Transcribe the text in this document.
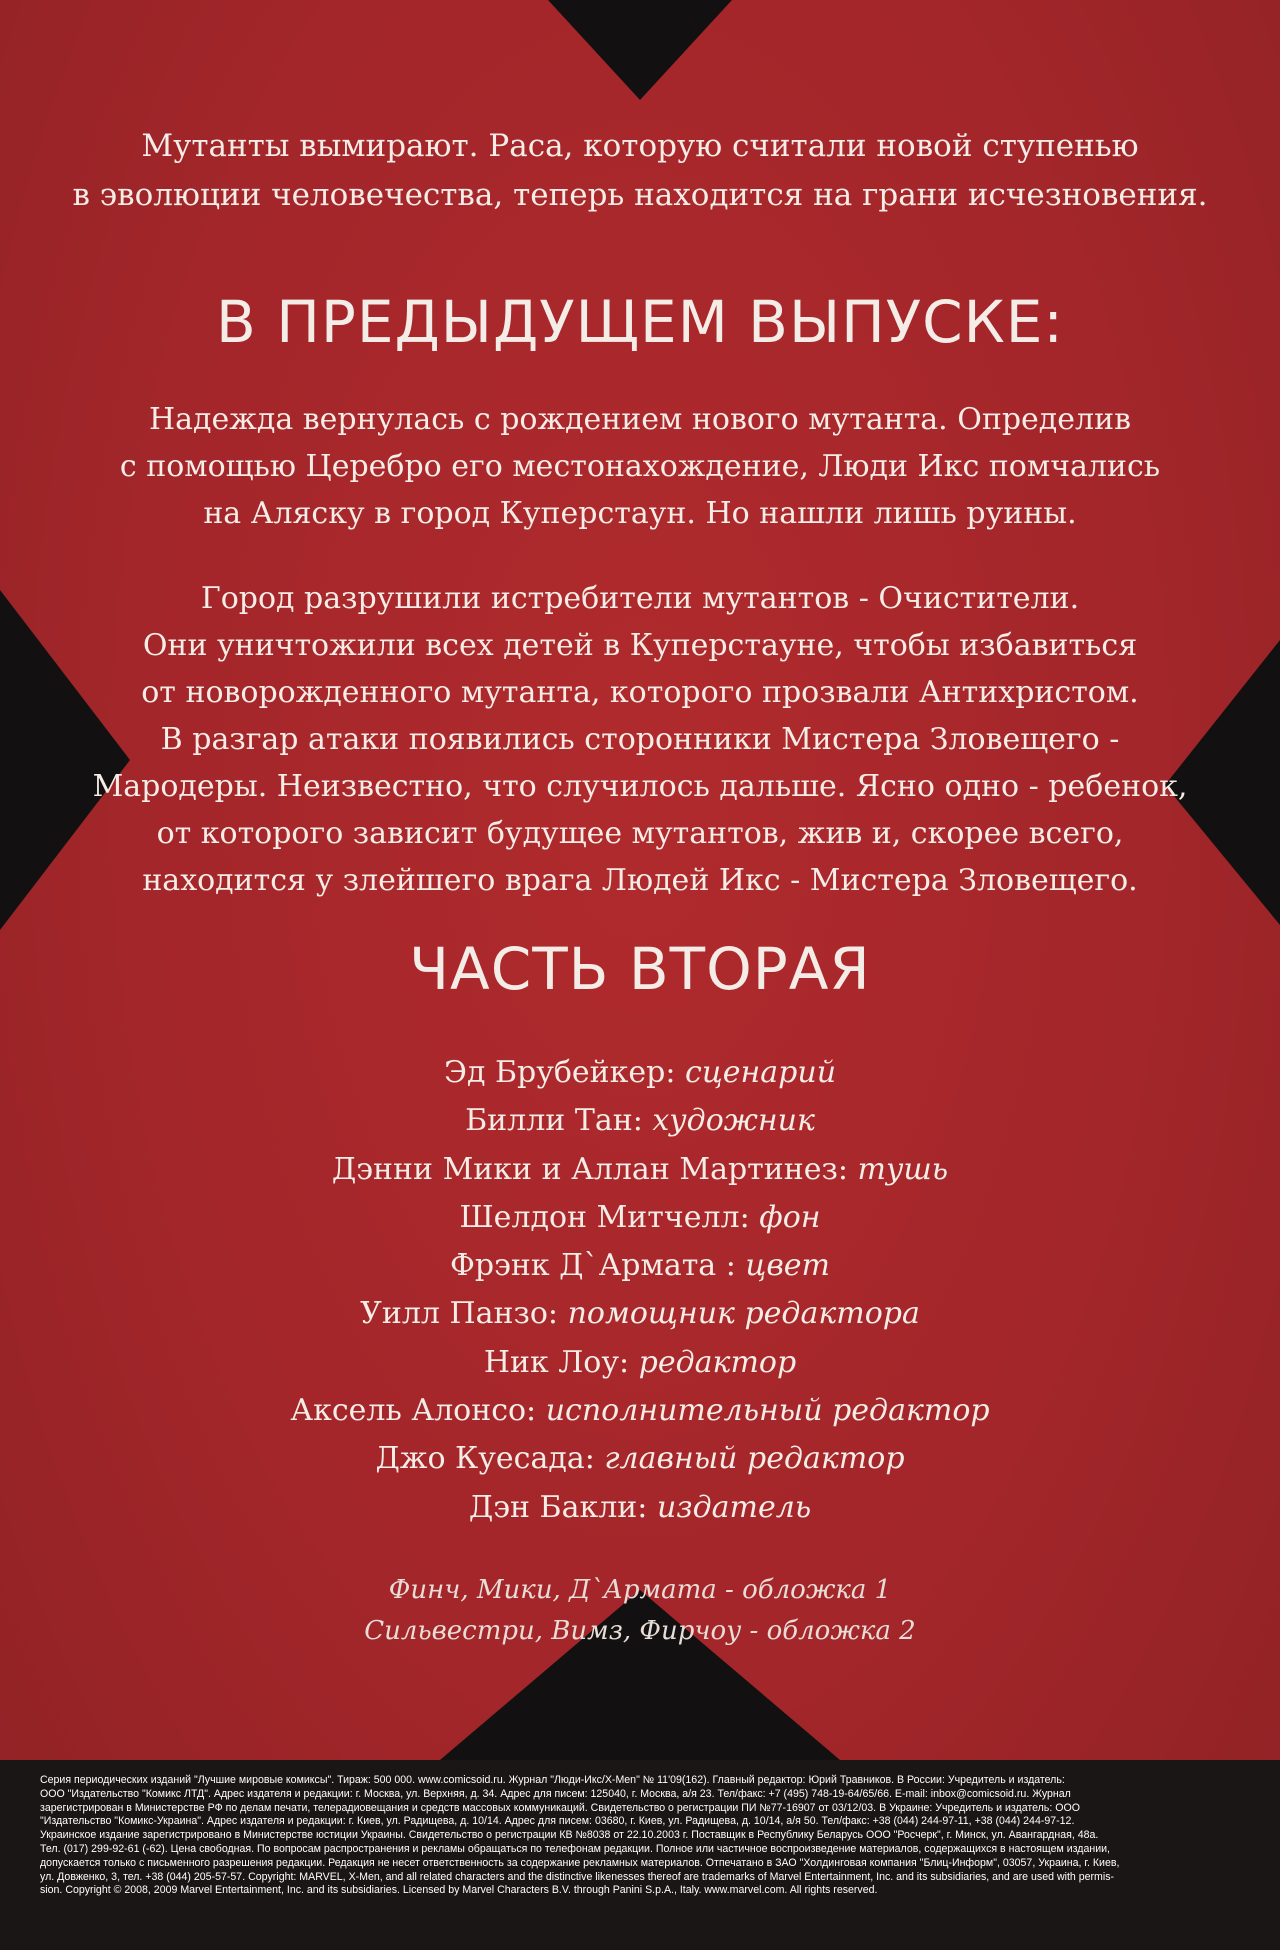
Мутанты вымирают. Раса, которую считали новой ступенью
в эволюции человечества, теперь находится на грани исчезновения.
В ПРЕДЫДУЩЕМ ВЫПУСКЕ:
Надежда вернулась с рождением нового мутанта. Определив
с помощью Церебро его местонахождение, Люди Икс помчались
на Аляску в город Куперстаун. Но нашли лишь руины.
Город разрушили истребители мутантов - Очистители.
Они уничтожили всех детей в Куперстауне, чтобы избавиться
от новорожденного мутанта, которого прозвали Антихристом.
В разгар атаки появились сторонники Мистера Зловещего -
Мародеры. Неизвестно, что случилось дальше. Ясно одно - ребенок,
от которого зависит будущее мутантов, жив и, скорее всего,
находится у злейшего врага Людей Икс - Мистера Зловещего.
ЧАСТЬ ВТОРАЯ
Эд Брубейкер: сценарий
Билли Тан: художник
Дэнни Мики и Аллан Мартинез: тушь
Шелдон Митчелл: фон
Фрэнк Д`Армата : цвет
Уилл Панзо: помощник редактора
Ник Лоу: редактор
Аксель Алонсо: исполнительный редактор
Джо Куесада: главный редактор
Дэн Бакли: издатель
Финч, Мики, Д`Армата - обложка 1
Сильвестри, Вимз, Фирчоу - обложка 2
Серия периодических изданий "Лучшие мировые комиксы". Тираж: 500 000. www.comicsoid.ru. Журнал "Люди-Икс/X-Men" № 11'09(162). Главный редактор: Юрий Травников. В России: Учредитель и издатель:
ООО "Издательство "Комикс ЛТД". Адрес издателя и редакции: г. Москва, ул. Верхняя, д. 34. Адрес для писем: 125040, г. Москва, а/я 23. Тел/факс: +7 (495) 748-19-64/65/66. E-mail: inbox@comicsoid.ru. Журнал
зарегистрирован в Министерстве РФ по делам печати, телерадиовещания и средств массовых коммуникаций. Свидетельство о регистрации ПИ №77-16907 от 03/12/03. В Украине: Учредитель и издатель: ООО
"Издательство "Комикс-Украина". Адрес издателя и редакции: г. Киев, ул. Радищева, д. 10/14. Адрес для писем: 03680, г. Киев, ул. Радищева, д. 10/14, а/я 50. Тел/факс: +38 (044) 244-97-11, +38 (044) 244-97-12.
Украинское издание зарегистрировано в Министерстве юстиции Украины. Свидетельство о регистрации КВ №8038 от 22.10.2003 г. Поставщик в Республику Беларусь ООО "Росчерк", г. Минск, ул. Авангардная, 48а.
Тел. (017) 299-92-61 (-62). Цена свободная. По вопросам распространения и рекламы обращаться по телефонам редакции. Полное или частичное воспроизведение материалов, содержащихся в настоящем издании,
допускается только с письменного разрешения редакции. Редакция не несет ответственность за содержание рекламных материалов. Отпечатано в ЗАО "Холдинговая компания "Блиц-Информ", 03057, Украина, г. Киев,
ул. Довженко, 3, тел. +38 (044) 205-57-57. Copyright: MARVEL, X-Men, and all related characters and the distinctive likenesses thereof are trademarks of Marvel Entertainment, Inc. and its subsidiaries, and are used with permis-
sion. Copyright © 2008, 2009 Marvel Entertainment, Inc. and its subsidiaries. Licensed by Marvel Characters B.V. through Panini S.p.A., Italy. www.marvel.com. All rights reserved.
